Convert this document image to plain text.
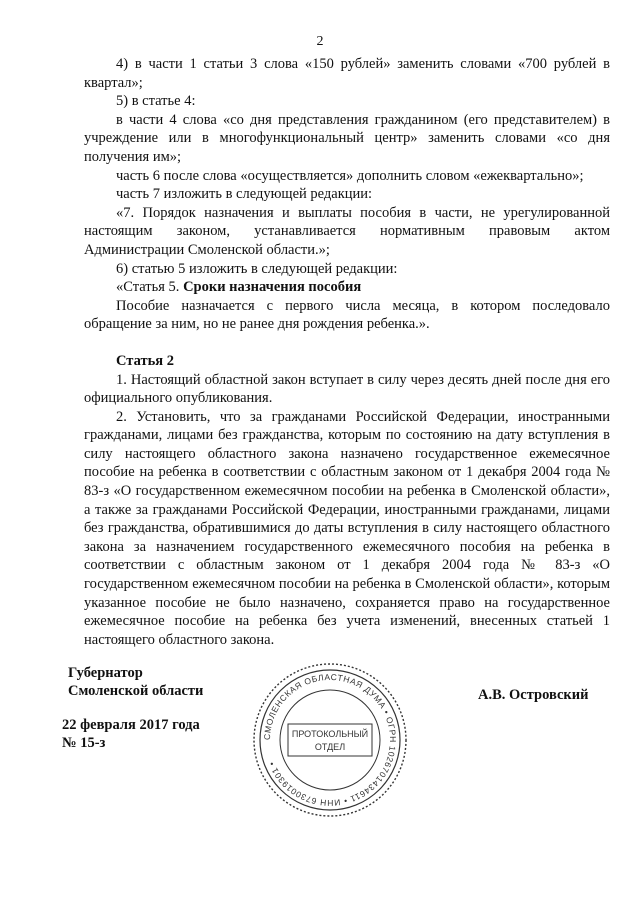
2

4) в части 1 статьи 3 слова «150 рублей» заменить словами «700 рублей в квартал»;

5) в статье 4:

в части 4 слова «со дня представления гражданином (его представителем) в учреждение или в многофункциональный центр» заменить словами «со дня получения им»;

часть 6 после слова «осуществляется» дополнить словом «ежеквартально»;

часть 7 изложить в следующей редакции:

«7. Порядок назначения и выплаты пособия в части, не урегулированной настоящим законом, устанавливается нормативным правовым актом Администрации Смоленской области.»;

6) статью 5 изложить в следующей редакции:

«Статья 5. Сроки назначения пособия

Пособие назначается с первого числа месяца, в котором последовало обращение за ним, но не ранее дня рождения ребенка.».

Статья 2

1. Настоящий областной закон вступает в силу через десять дней после дня его официального опубликования.

2. Установить, что за гражданами Российской Федерации, иностранными гражданами, лицами без гражданства, которым по состоянию на дату вступления в силу настоящего областного закона назначено государственное ежемесячное пособие на ребенка в соответствии с областным законом от 1 декабря 2004 года № 83-з «О государственном ежемесячном пособии на ребенка в Смоленской области», а также за гражданами Российской Федерации, иностранными гражданами, лицами без гражданства, обратившимися до даты вступления в силу настоящего областного закона за назначением государственного ежемесячного пособия на ребенка в соответствии с областным законом от 1 декабря 2004 года № 83-з «О государственном ежемесячном пособии на ребенка в Смоленской области», которым указанное пособие не было назначено, сохраняется право на государственное ежемесячное пособие на ребенка без учета изменений, внесенных статьей 1 настоящего областного закона.

Губернатор
Смоленской области
22 февраля 2017 года
№ 15-з
А.В. Островский
СМОЛЕНСКАЯ ОБЛАСТНАЯ ДУМА • ОГРН 1026701434611 • ИНН 6730019301 •
ПРОТОКОЛЬНЫЙ
ОТДЕЛ
